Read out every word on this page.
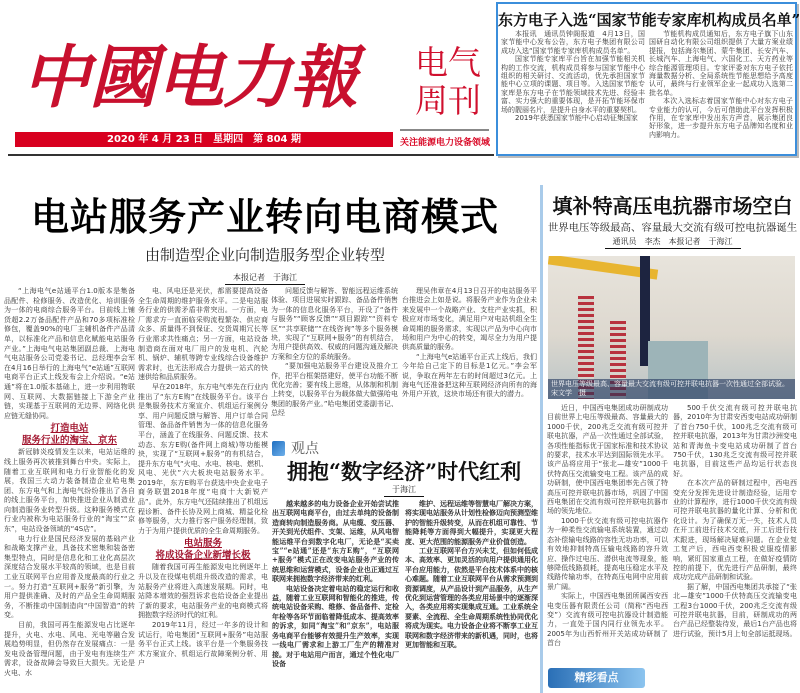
中國电力報	电气周刊
2020 年 4 月 23 日　星期四　第 804 期	关注能源电力设备领域
东方电子入选“国家节能专家库机构成员名单”

本报讯　通讯员钟阁报道　4月13日，国家节能中心发布公告，东方电子集团有限公司成功入选“国家节能专家库机构成员名单”。

国家节能专家库平台旨在加强节能相关机构的工作交流，机构成员将参与国家节能中心组织的相关研讨、交流活动，优先承担国家节能中心立项的课题、项目等。入选国家节能专家库是东方电子在节能领域技术先进、经验丰富、实力强大的重要体现，是开拓节能环保市场的靓丽名片，是提升自身水平的重要契机。

2019年获悉国家节能中心启动征集国家

节能机构成员通知后，东方电子旗下山东国研自动化有限公司组织提供了大量方案业绩提报，包括海尔集团、蒙牛集团、长安汽车、长城汽车、上海电气、六国化工、天方药业等综合能源管理项目。专家评委对东方电子依托海量数据分析、全局系统性节能思想给予高度认可，最终与行业领军企业一起成功入选第二批名单。

本次入选标志着国家节能中心对东方电子专业能力的认可，今后可借助此平台发挥积极作用，在专家库中发出东方声音，展示集团良好形象，进一步提升东方电子品牌知名度和业内影响力。

电站服务产业转向电商模式
由制造型企业向制造服务型企业转型
本报记者　于海江

“上海电气e站通平台1.0版本是集备品配件、检修服务、改造优化、培训服务为一体的电商综合服务平台。目前线上铺货超2.2万备品配件产品和70多项标准检修包，覆盖90%的电厂主辅机备件产品清单，以标准化产品和信息化赋能电站服务产业。”上海电气电站集团副总裁、上海电气电站服务公司党委书记、总经理李会军在4月16日举行的上海电气“e站通”互联网电商平台正式上线发布会上介绍说。“e站通”将在1.0版本基础上，进一步利用物联网、互联网、大数据链接上下游全产业链，实现基于互联网的无边界、网络化供应链无缝协同。

打造电站
服务行业的淘宝、京东

新冠肺炎疫情发生以来，电站运维的线上服务再次被推到舞台中央。实际上，随着工业互联网和电力行业智能化的发展，我国三大动力装备制造企业哈电集团、东方电气和上海电气纷纷推出了各自的线上服务平台，加快推进企业从制造业向制造服务业转型升级。这种服务模式在行业内被称为电站服务行业的“淘宝”“京东”，电站设备领域的“4S店”。

电力行业是国民经济发展的基础产业和战略支撑产业，具备技术密集和装备密集型特点，同时是信息化和工业化高层次深度结合发展水平较高的领域，也是目前工业互联网平台应用普及度最高的行业之一。努力打造“互联网+服务”新引擎，为用户提供准确、及时的产品全生命周期服务，不断推动中国制造向“中国智造”的转变。

目前，我国可再生能源发电占比逐年提升，火电、水电、风电、光电等融合发展趋势明显，但仍然存在发展痛点：一是发电设备管理问题，由于发电有连续生产需求，设备故障会导致巨大损失。无论是火电、水

电、风电还是光伏，都需要提高设备全生命周期的维护服务水平。二是电站服务行业的供需矛盾非常突出。一方面，电厂需求方一直面临采购流程繁杂、供应商众多、质量得不到保证、交货周期冗长等行业需求共性痛点；另一方面，电站设备制造商在面对电厂用户的发电机、汽轮机、锅炉、辅机等跨专业线综合设备维护需求时，也无法形成合力提供一站式的快速供给和品质服务。

早在2018年，东方电气率先在行业内推出了“东方E购”在线服务平台。该平台是集服务技术方案宣介、机组运行案例分享、用户问题反馈与解答、用户订单合同管理、备品备件销售为一体的信息化服务平台，涵盖了在线服务、问题反馈、技术动态、东方E购(备件网上商城)等功能模块，实现了“互联网+服务”的有机结合，提升东方电气“火电、水电、核电、燃机、风电、光伏”六大板块电站服务水平。2019年，东方E购平台获选中央企业电子商务联盟2018年度“电商十大新锐产品”。此外，东方电气还陆续推出了机组远程诊断、备件长协及网上商城、精益化检修等服务，大力推行客户服务经理制，致力于为用户提供优质的全生命周期服务。

电站服务
将成设备企业新增长极

随着我国可再生能源发电比例逐年上升以及在役煤电机组升级改造的需求，电站服务产业将进入高速发展期。同时，电站降本增效的强烈诉求也给设备企业提出了新的要求，电站服务产业的电商模式将拥抱数字经济时代的红利。

2019年11月，经过一年多的设计和试运行，哈电集团“互联网+服务”电站服务平台正式上线。该平台是一个集服务技术方案宣介、机组运行故障案例分析、用户

问题反馈与解答、智能远程运维系统体验、项目进展实时跟踪、备品备件销售为一体的信息化服务平台，开设了“备件与服务”“顾客反馈”“项目跟踪”“资料专区”“共享联储”“在线咨询”等多个服务模块，实现了“互联网+服务”的有机结合，为用户提供高效、权威的问题沟通及解决方案和全方位的系统服务。

“要加强电站服务平台建设及推介工作，把平台框架搭建好，使平台功能不断优化完善；要有线上思维，从体制和机制上转变，以服务平台为载体做大做强哈电集团的服务产业。”哈电集团党委副书记、总经

理吴伟章在4月13日召开的电站服务平台推进会上如是说。将服务产业作为企业未来发展中一个战略产业、支柱产业实抓，积极应对市场变化，满足用户对电站机组全生命周期的服务需求，实现以产品为中心向市场和用户为中心的转变，竭尽全力为用户提供高质量的服务。

“上海电气e站通平台正式上线后，我们今年给自己定下的目标是1亿元。”李会军说，争取在两年左右的时间超过3亿元。上海电气还准备把这种互联网经济向所有的海外用户开放，这块市场还有很大的潜力。

观点
拥抱“数字经济”时代红利
于海江

越来越多的电力设备企业开始尝试推出互联网电商平台，由过去单纯的设备制造商转向制造服务商。从电缆、变压器、开关到光伏组件、支架、运维，从风电智能运维平台到数字化电厂，无论是“买卖宝”“e站通”还是“东方E购”，“互联网+服务”模式正在改变电站服务产业的传统思维和运营模式，设备企业也正通过互联网来拥抱数字经济带来的红利。

电站设备决定着电站的稳定运行和收益，随着工业互联网和智能化的推进，传统电站设备采购、维修、备品备件、定检年检等各环节面临着降低成本、提高效率的诉求，如同“淘宝”和“京东”，电站服务电商平台能够有效提升生产效率，实现一线电厂需求和上游工厂生产的精准对接。对于电站用户而言，通过个性化电厂设备

维护、远程运维等智慧电厂解决方案，将实现电站服务从计划性检修迈向预测型维护的智能升级转变，从而在机组可靠性、节能降耗等方面得到大幅提升，实现更大程度、更大范围的能源服务产业价值创造。

工业互联网平台方兴未艾，但如何低成本、高效率、更加灵活的向用户提供通用化平台应用能力，依然是平台技术体系中的核心难题。随着工业互联网平台从需求预测到资源调度，从产品设计到产品服务，从生产优化到运营管理的各类应用场景中的逐渐深入，各类应用将实现集成互通。工业系统全要素、全流程、全生命周期系统性协同优化将成为现实。电力设备企业将不断享工业互联网和数字经济带来的新机遇，同时，也将更加智能和互联。

填补特高压电抗器市场空白
世界电压等级最高、容量最大交流有级可控电抗器诞生
通讯员　李杰　本报记者　于海江
世界电压等级最高、容量最大交流有级可控并联电抗器一次性通过全部试验。　宋文学　摄

近日，中国西电集团成功研制成功目前世界上电压等级最高、容量最大的1000千伏，200兆乏交流有级可控并联电抗器，产品一次性通过全部试验，各项性能指标优于国家标准和技术协议的要求，技术水平达到国际领先水平。该产品将应用于“张北—雄安”1000千伏特高压交流输变电工程。该产品的成功研制，使中国西电集团率先占领了特高压可控并联电抗器市场，巩固了中国西电集团在交流有级可控并联电抗器市场的领先地位。

1000千伏交流有级可控电抗器作为一种柔性交流输电系统装置，通过动态补偿输电线路的容性无功功率，可以有效地抑制特高压输电线路的容升效应、操作过电压、潜供电流等现象，能够降低线路损耗，提高电压稳定水平及线路传输功率，在特高压电网中应用前景广阔。

实际上，中国西电集团所属西安西电变压器有限责任公司（简称“西电西变”）交流有级可控电抗器设计制造能力，一直处于国内同行业领先水平。2005年为山西忻州开关站成功研制了首台

500千伏交流有级可控并联电抗器，2010年为甘肃安西变电站成功研制了首台750千伏，100兆乏交流有级可控并联电抗器，2013年为甘肃沙洲变电站和青海鱼卡变电站成功研制了首台750千伏，130兆乏交流有级可控并联电抗器，目前这些产品均运行状态良好。

在本次产品的研制过程中，西电西变充分发挥先进设计制造经验，运用专业的计算程序，进行1000千伏交流有级可控并联电抗器的量化计算、分析和优化设计。为了确保万无一失，技术人员在开工前进行技术交底，开工后进行技术跟进，现场解决疑难问题。在企业复工复产后，西电西变积极克服疫情影响，紧盯国家重点工程，在做好疫情防控的前提下，优先进行产品研制，最终成功完成产品研制和试验。

据了解，中国西电集团共承接了“张北—雄安”1000千伏特高压交流输变电工程3台1000千伏，200兆乏交流有级可控并联电抗器，目前，研制成功的两台产品已经整装待发，最后1台产品也将进行试验，预计5月上旬全部运抵现场。

精彩看点
